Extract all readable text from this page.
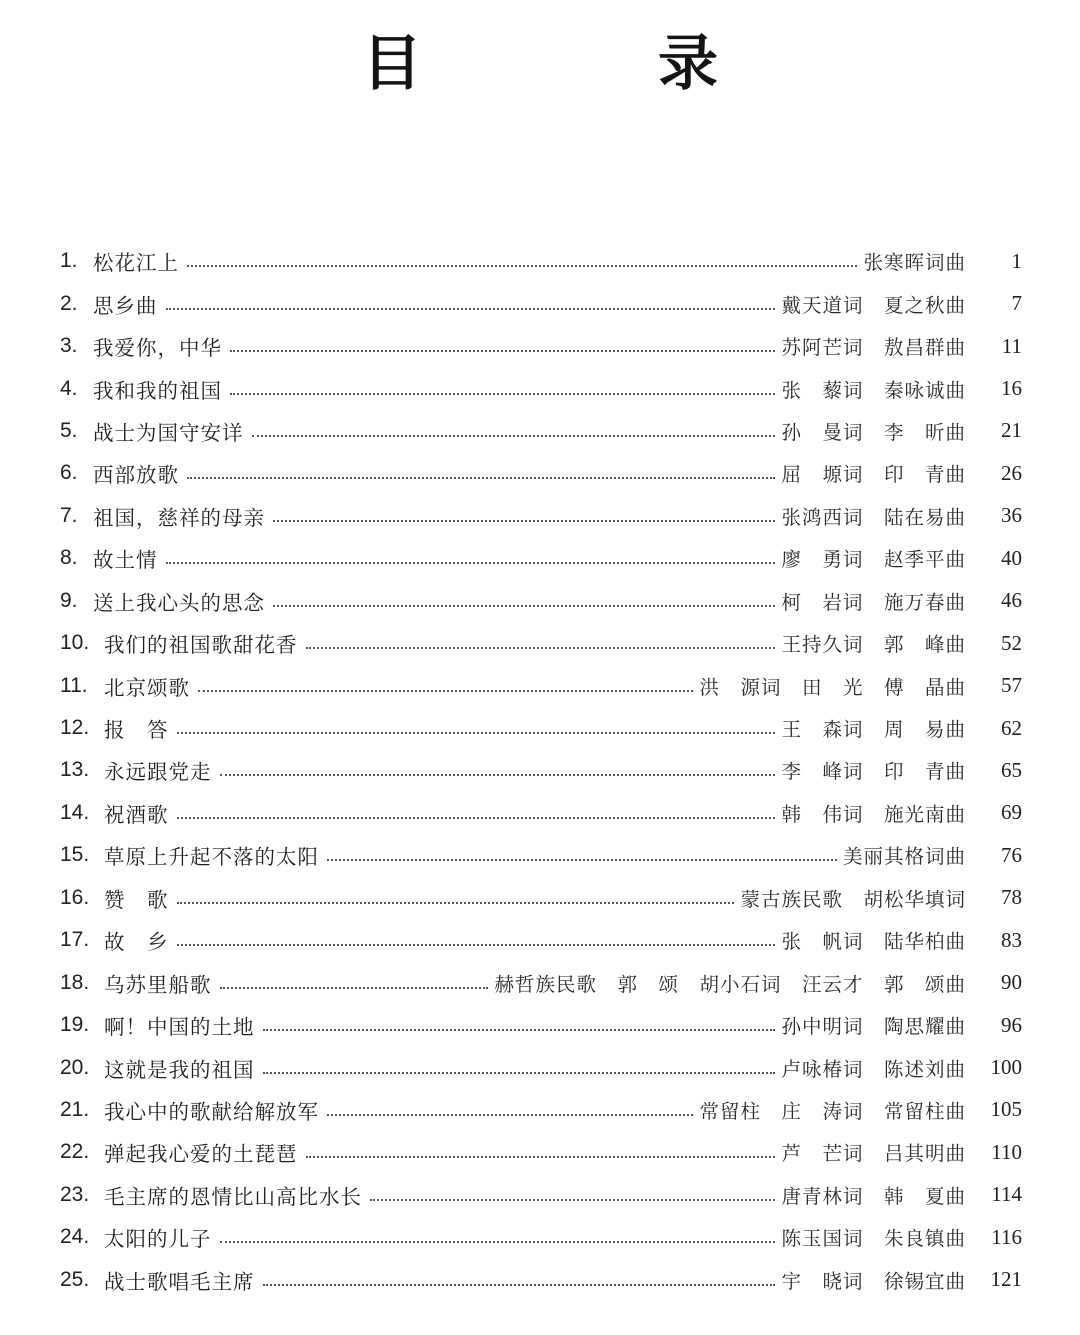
目　录
1. 松花江上	张寒晖词曲	1
2. 思乡曲	戴天道词　夏之秋曲	7
3. 我爱你，中华	苏阿芒词　敖昌群曲	11
4. 我和我的祖国	张　藜词　秦咏诚曲	16
5. 战士为国守安详	孙　曼词　李　昕曲	21
6. 西部放歌	屈　塬词　印　青曲	26
7. 祖国，慈祥的母亲	张鸿西词　陆在易曲	36
8. 故土情	廖　勇词　赵季平曲	40
9. 送上我心头的思念	柯　岩词　施万春曲	46
10. 我们的祖国歌甜花香	王持久词　郭　峰曲	52
11. 北京颂歌	洪　源词　田　光　傅　晶曲	57
12. 报　答	王　森词　周　易曲	62
13. 永远跟党走	李　峰词　印　青曲	65
14. 祝酒歌	韩　伟词　施光南曲	69
15. 草原上升起不落的太阳	美丽其格词曲	76
16. 赞　歌	蒙古族民歌　胡松华填词	78
17. 故　乡	张　帆词　陆华柏曲	83
18. 乌苏里船歌	赫哲族民歌　郭　颂　胡小石词　汪云才　郭　颂曲	90
19. 啊！中国的土地	孙中明词　陶思耀曲	96
20. 这就是我的祖国	卢咏椿词　陈述刘曲	100
21. 我心中的歌献给解放军	常留柱　庄　涛词　常留柱曲	105
22. 弹起我心爱的土琵琶	芦　芒词　吕其明曲	110
23. 毛主席的恩情比山高比水长	唐青林词　韩　夏曲	114
24. 太阳的儿子	陈玉国词　朱良镇曲	116
25. 战士歌唱毛主席	宇　晓词　徐锡宜曲	121
